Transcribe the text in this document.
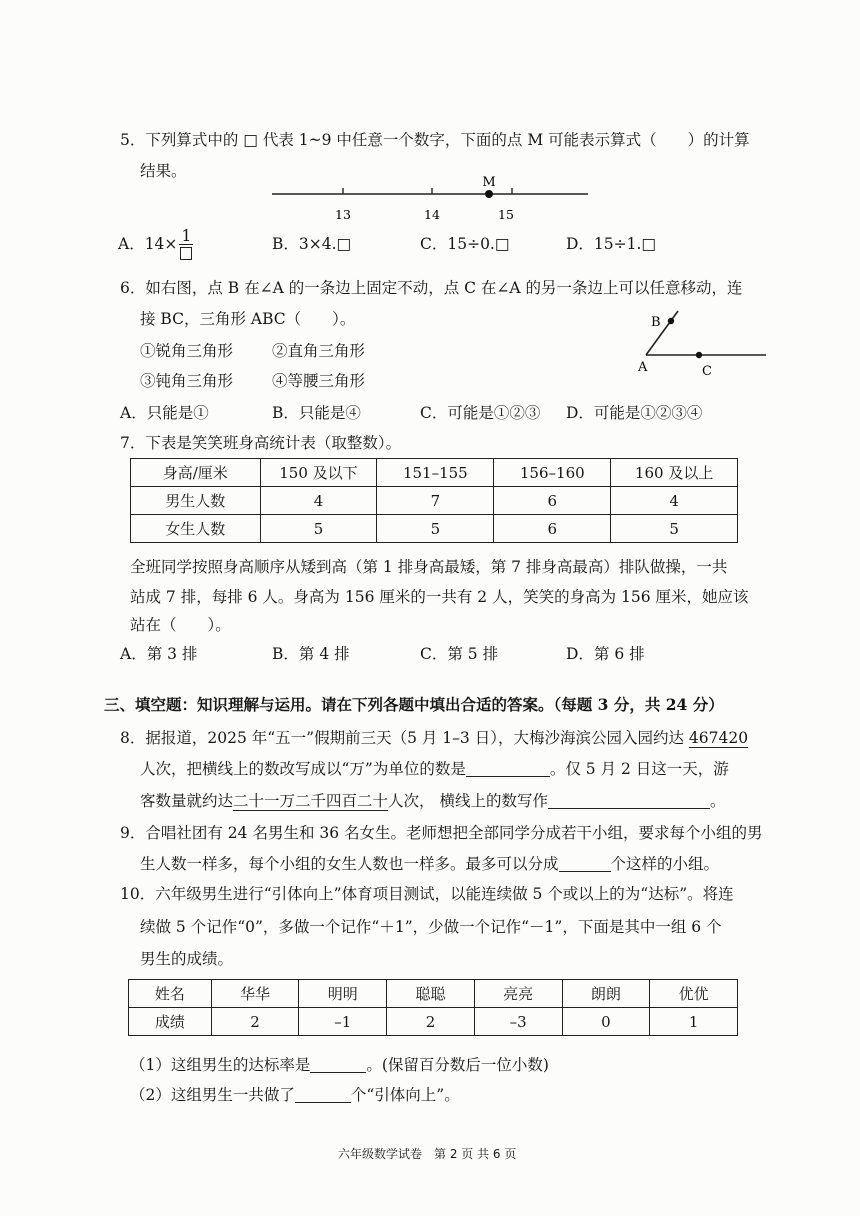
5．下列算式中的 □ 代表 1~9 中任意一个数字，下面的点 M 可能表示算式（　　）的计算
结果。
M
13	14	15
A．14× 1	B．3×4.□	C．15÷0.□	D．15÷1.□
6．如右图，点 B 在∠A 的一条边上固定不动，点 C 在∠A 的另一条边上可以任意移动，连
接 BC，三角形 ABC（　　）。
①锐角三角形	②直角三角形
③钝角三角形	④等腰三角形
B
A	C
A．只能是①	B．只能是④	C．可能是①②③ D．可能是①②③④
7．下表是笑笑班身高统计表（取整数）。
身高/厘米	150 及以下	151–155	156–160	160 及以上
男生人数	4	7	6	4
女生人数	5	5	6	5
全班同学按照身高顺序从矮到高（第 1 排身高最矮，第 7 排身高最高）排队做操，一共
站成 7 排，每排 6 人。身高为 156 厘米的一共有 2 人，笑笑的身高为 156 厘米，她应该
站在（　　）。
A．第 3 排	B．第 4 排	C．第 5 排	D．第 6 排
三、填空题：知识理解与运用。请在下列各题中填出合适的答案。（每题 3 分，共 24 分）
8．据报道，2025 年“五一”假期前三天（5 月 1–3 日），大梅沙海滨公园入园约达 467420
人次，把横线上的数改写成以“万”为单位的数是	。仅 5 月 2 日这一天，游
客数量就约达二十一万二千四百二十人次， 横线上的数写作	。
9．合唱社团有 24 名男生和 36 名女生。老师想把全部同学分成若干小组，要求每个小组的男
生人数一样多，每个小组的女生人数也一样多。最多可以分成	个这样的小组。
10．六年级男生进行“引体向上”体育项目测试，以能连续做 5 个或以上的为“达标”。将连
续做 5 个记作“0”，多做一个记作“＋1”，少做一个记作“－1”，下面是其中一组 6 个
男生的成绩。
姓名	华华	明明	聪聪	亮亮	朗朗	优优
成绩	2	–1	2	–3	0	1
（1）这组男生的达标率是	。(保留百分数后一位小数)
（2）这组男生一共做了	个“引体向上”。
六年级数学试卷　第 2 页 共 6 页
